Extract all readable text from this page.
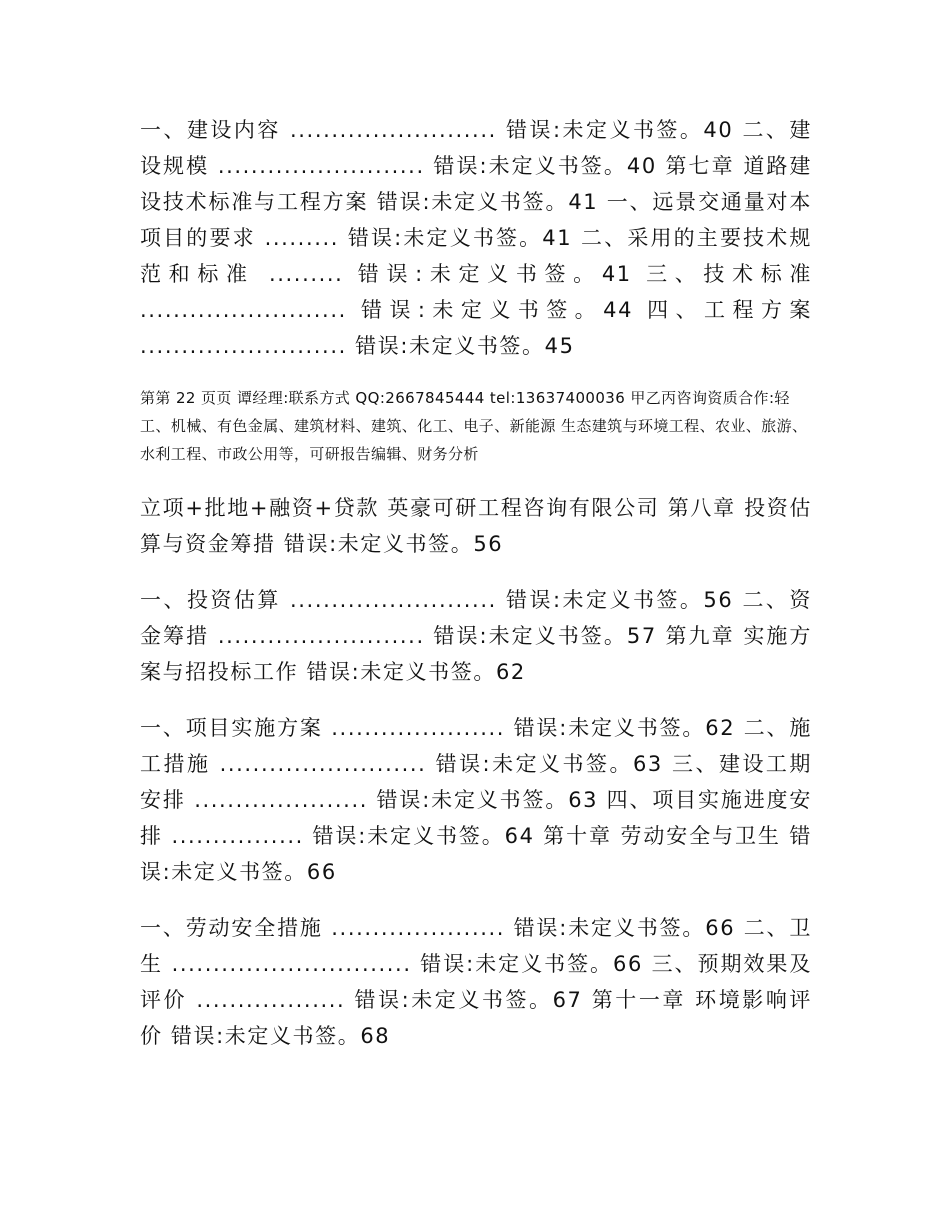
一、建设内容 ......................... 错误:未定义书签。40 二、建设规模 ......................... 错误:未定义书签。40 第七章 道路建设技术标准与工程方案 错误:未定义书签。41 一、远景交通量对本项目的要求 ......... 错误:未定义书签。41 二、采用的主要技术规范和标准 ......... 错误:未定义书签。41 三、技术标准 ......................... 错误:未定义书签。44 四、工程方案 ......................... 错误:未定义书签。45

第第 22 页页 谭经理:联系方式 QQ:2667845444 tel:13637400036 甲乙丙咨询资质合作:轻工、机械、有色金属、建筑材料、建筑、化工、电子、新能源 生态建筑与环境工程、农业、旅游、水利工程、市政公用等，可研报告编辑、财务分析

立项+批地+融资+贷款 英豪可研工程咨询有限公司 第八章 投资估算与资金筹措 错误:未定义书签。56

一、投资估算 ......................... 错误:未定义书签。56 二、资金筹措 ......................... 错误:未定义书签。57 第九章 实施方案与招投标工作 错误:未定义书签。62

一、项目实施方案 ..................... 错误:未定义书签。62 二、施工措施 ......................... 错误:未定义书签。63 三、建设工期安排 ..................... 错误:未定义书签。63 四、项目实施进度安排 ................ 错误:未定义书签。64 第十章 劳动安全与卫生 错误:未定义书签。66

一、劳动安全措施 ..................... 错误:未定义书签。66 二、卫生 ............................. 错误:未定义书签。66 三、预期效果及评价 .................. 错误:未定义书签。67 第十一章 环境影响评价 错误:未定义书签。68
